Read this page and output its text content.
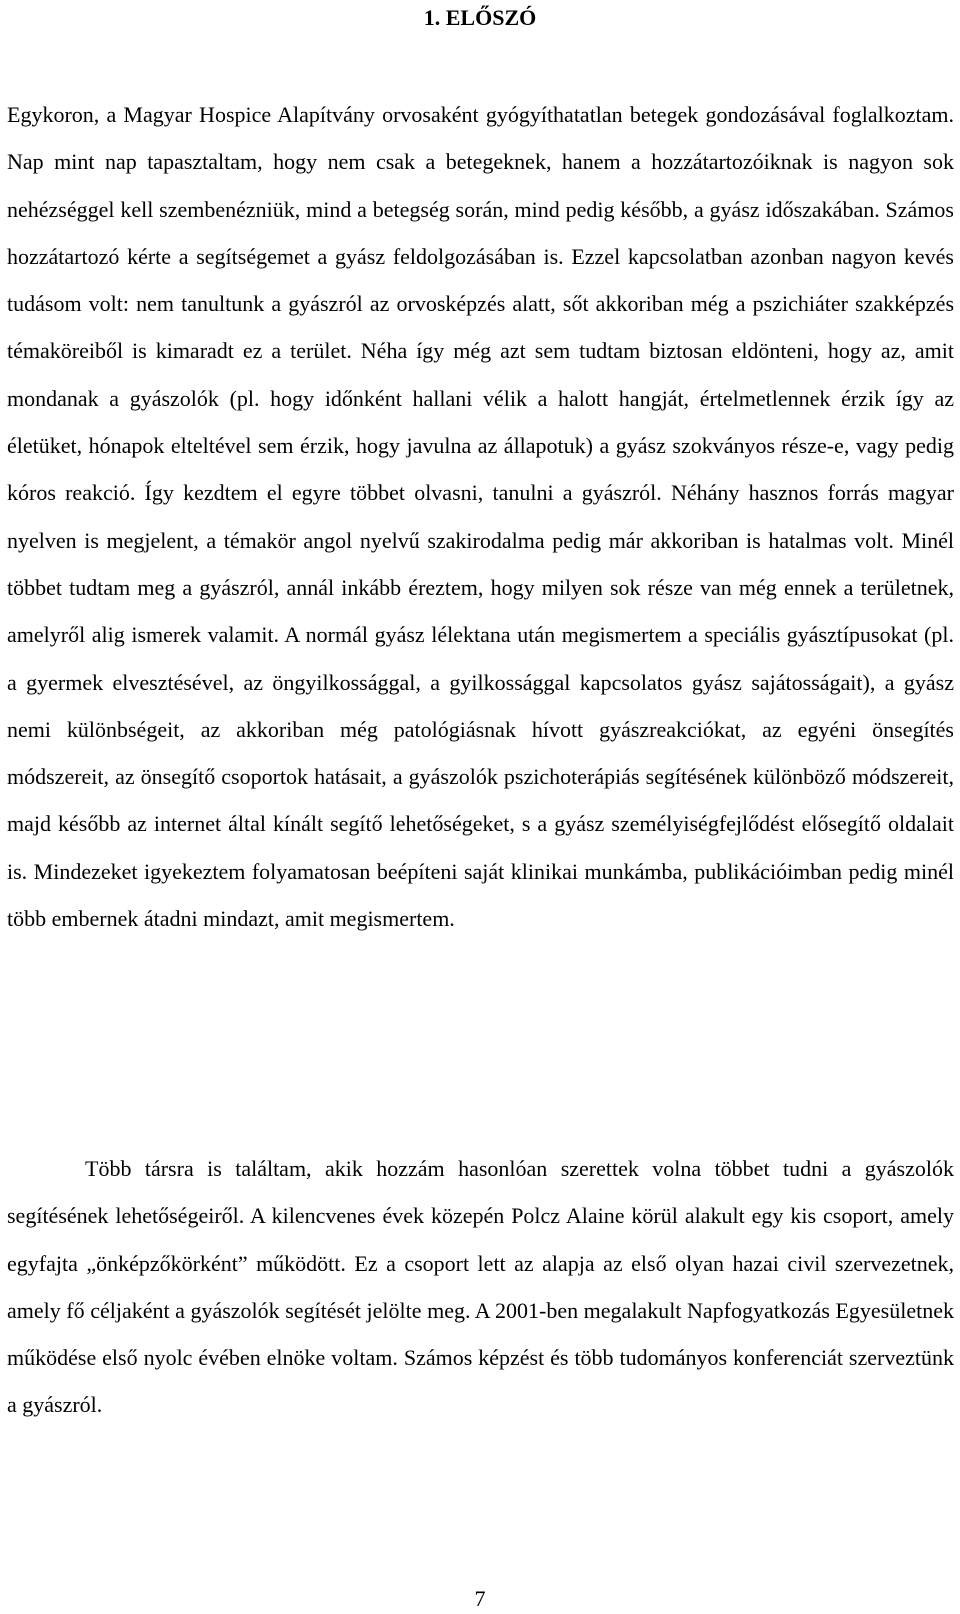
1. ELŐSZÓ

Egykoron, a Magyar Hospice Alapítvány orvosaként gyógyíthatatlan betegek gondozásával foglalkoztam. Nap mint nap tapasztaltam, hogy nem csak a betegeknek, hanem a hozzátartozóiknak is nagyon sok nehézséggel kell szembenézniük, mind a betegség során, mind pedig később, a gyász időszakában. Számos hozzátartozó kérte a segítségemet a gyász feldolgozásában is. Ezzel kapcsolatban azonban nagyon kevés tudásom volt: nem tanultunk a gyászról az orvosképzés alatt, sőt akkoriban még a pszichiáter szakképzés témaköreiből is kimaradt ez a terület. Néha így még azt sem tudtam biztosan eldönteni, hogy az, amit mondanak a gyászolók (pl. hogy időnként hallani vélik a halott hangját, értelmetlennek érzik így az életüket, hónapok elteltével sem érzik, hogy javulna az állapotuk) a gyász szokványos része-e, vagy pedig kóros reakció. Így kezdtem el egyre többet olvasni, tanulni a gyászról. Néhány hasznos forrás magyar nyelven is megjelent, a témakör angol nyelvű szakirodalma pedig már akkoriban is hatalmas volt. Minél többet tudtam meg a gyászról, annál inkább éreztem, hogy milyen sok része van még ennek a területnek, amelyről alig ismerek valamit. A normál gyász lélektana után megismertem a speciális gyásztípusokat (pl. a gyermek elvesztésével, az öngyilkossággal, a gyilkossággal kapcsolatos gyász sajátosságait), a gyász nemi különbségeit, az akkoriban még patológiásnak hívott gyászreakciókat, az egyéni önsegítés módszereit, az önsegítő csoportok hatásait, a gyászolók pszichoterápiás segítésének különböző módszereit, majd később az internet által kínált segítő lehetőségeket, s a gyász személyiségfejlődést elősegítő oldalait is. Mindezeket igyekeztem folyamatosan beépíteni saját klinikai munkámba, publikációimban pedig minél több embernek átadni mindazt, amit megismertem.

Több társra is találtam, akik hozzám hasonlóan szerettek volna többet tudni a gyászolók segítésének lehetőségeiről. A kilencvenes évek közepén Polcz Alaine körül alakult egy kis csoport, amely egyfajta „önképzőkörként” működött. Ez a csoport lett az alapja az első olyan hazai civil szervezetnek, amely fő céljaként a gyászolók segítését jelölte meg. A 2001-ben megalakult Napfogyatkozás Egyesületnek működése első nyolc évében elnöke voltam. Számos képzést és több tudományos konferenciát szerveztünk a gyászról.

7
